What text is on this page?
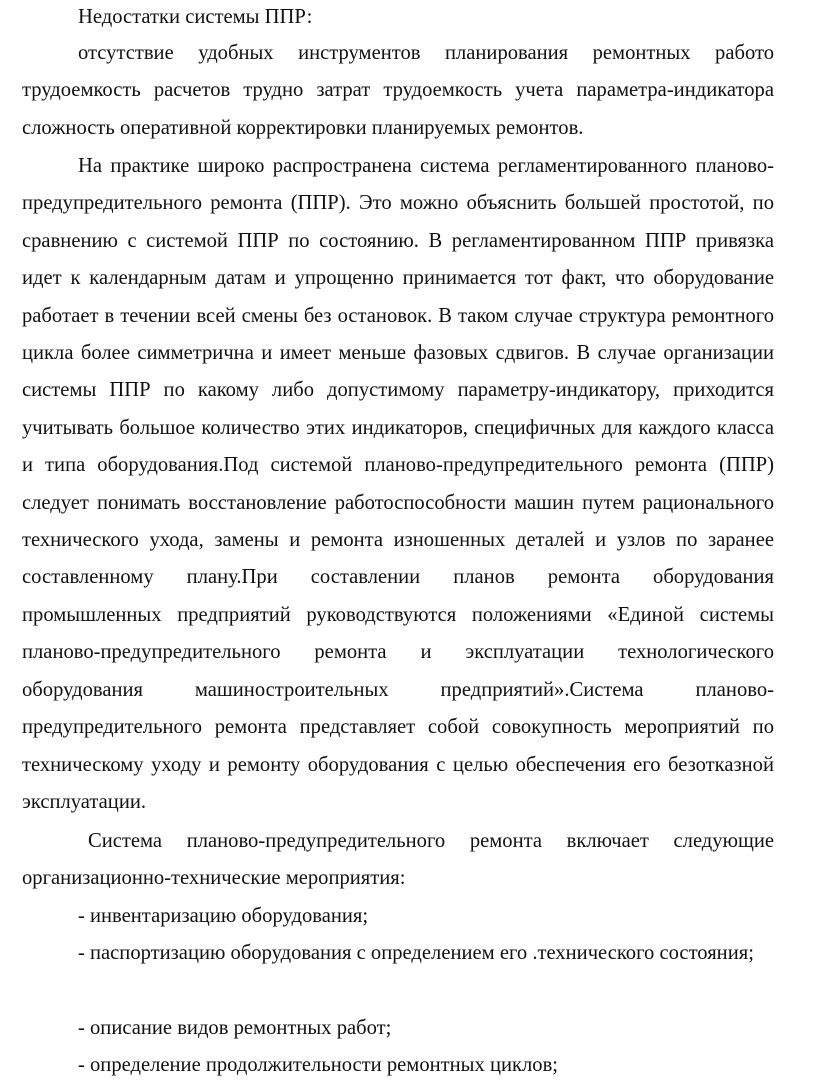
Недостатки системы ППР:

отсутствие удобных инструментов планирования ремонтных работо трудоемкость расчетов трудно затрат трудоемкость учета параметра-индикатора сложность оперативной корректировки планируемых ремонтов.

На практике широко распространена система регламентированного планово-предупредительного ремонта (ППР). Это можно объяснить большей простотой, по сравнению с системой ППР по состоянию. В регламентированном ППР привязка идет к календарным датам и упрощенно принимается тот факт, что оборудование работает в течении всей смены без остановок. В таком случае структура ремонтного цикла более симметрична и имеет меньше фазовых сдвигов. В случае организации системы ППР по какому либо допустимому параметру-индикатору, приходится учитывать большое количество этих индикаторов, специфичных для каждого класса и типа оборудования.Под системой планово-предупредительного ремонта (ППР) следует понимать восстановление работоспособности машин путем рационального технического ухода, замены и ремонта изношенных деталей и узлов по заранее составленному плану.При составлении планов ремонта оборудования промышленных предприятий руководствуются положениями «Единой системы планово-предупредительного ремонта и эксплуатации технологического оборудования машиностроительных предприятий».Система планово-предупредительного ремонта представляет собой совокупность мероприятий по техническому уходу и ремонту оборудования с целью обеспечения его безотказной эксплуатации.

Система планово-предупредительного ремонта включает следующие организационно-технические мероприятия:

- инвентаризацию оборудования;
- паспортизацию оборудования с определением его .технического состояния;
- описание видов ремонтных работ;
- определение продолжительности ремонтных циклов;
